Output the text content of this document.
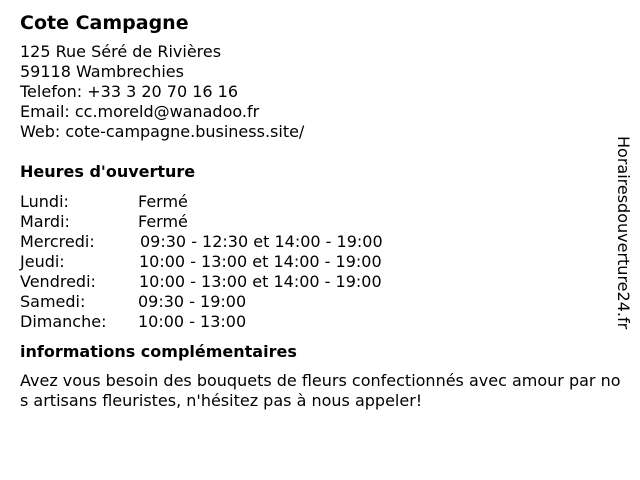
Cote Campagne
125 Rue Séré de Rivières
59118 Wambrechies
Telefon: +33 3 20 70 16 16
Email: cc.moreld@wanadoo.fr
Web: cote-campagne.business.site/
Heures d'ouverture
Lundi:	Fermé
Mardi:	Fermé
Mercredi:	09:30 - 12:30 et 14:00 - 19:00
Jeudi:	10:00 - 13:00 et 14:00 - 19:00
Vendredi:	10:00 - 13:00 et 14:00 - 19:00
Samedi:	09:30 - 19:00
Dimanche:	10:00 - 13:00
informations complémentaires
Avez vous besoin des bouquets de fleurs confectionnés avec amour par nos artisans fleuristes, n'hésitez pas à nous appeler!
Horairesdouverture24.fr
